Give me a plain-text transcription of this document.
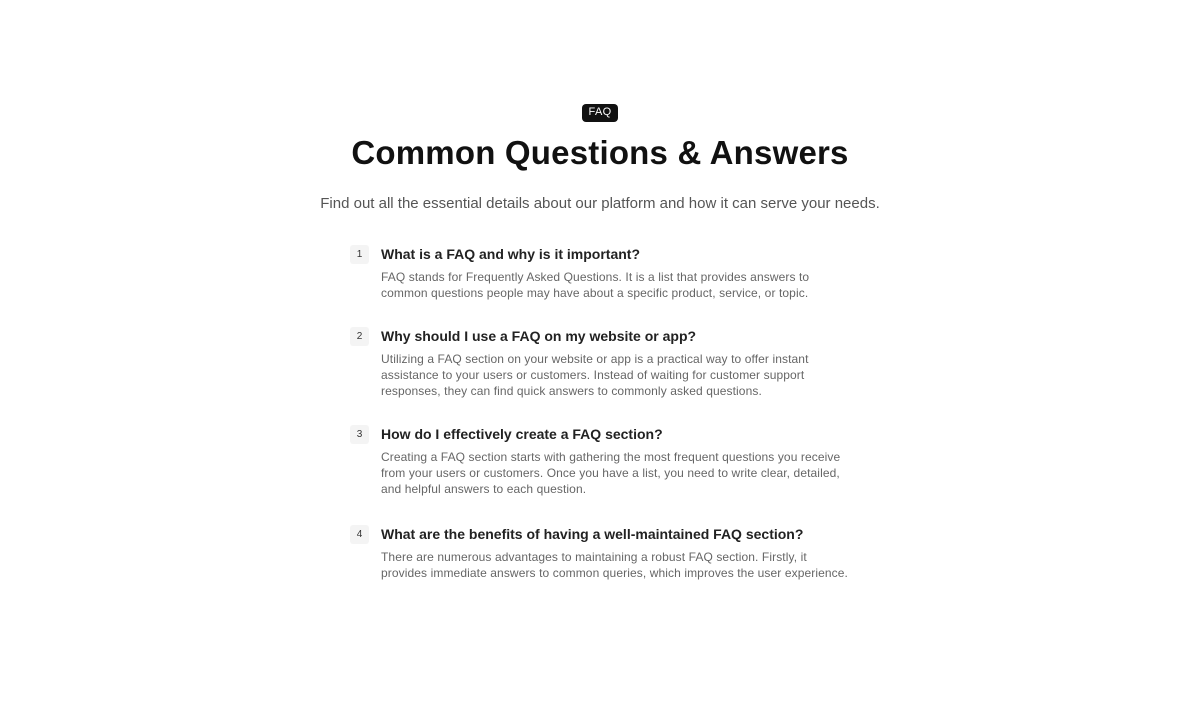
FAQ
Common Questions & Answers

Find out all the essential details about our platform and how it can serve your needs.

1	What is a FAQ and why is it important?

FAQ stands for Frequently Asked Questions. It is a list that provides answers to common questions people may have about a specific product, service, or topic.

2	Why should I use a FAQ on my website or app?

Utilizing a FAQ section on your website or app is a practical way to offer instant assistance to your users or customers. Instead of waiting for customer support responses, they can find quick answers to commonly asked questions.

3	How do I effectively create a FAQ section?

Creating a FAQ section starts with gathering the most frequent questions you receive from your users or customers. Once you have a list, you need to write clear, detailed, and helpful answers to each question.

4	What are the benefits of having a well-maintained FAQ section?

There are numerous advantages to maintaining a robust FAQ section. Firstly, it provides immediate answers to common queries, which improves the user experience.
